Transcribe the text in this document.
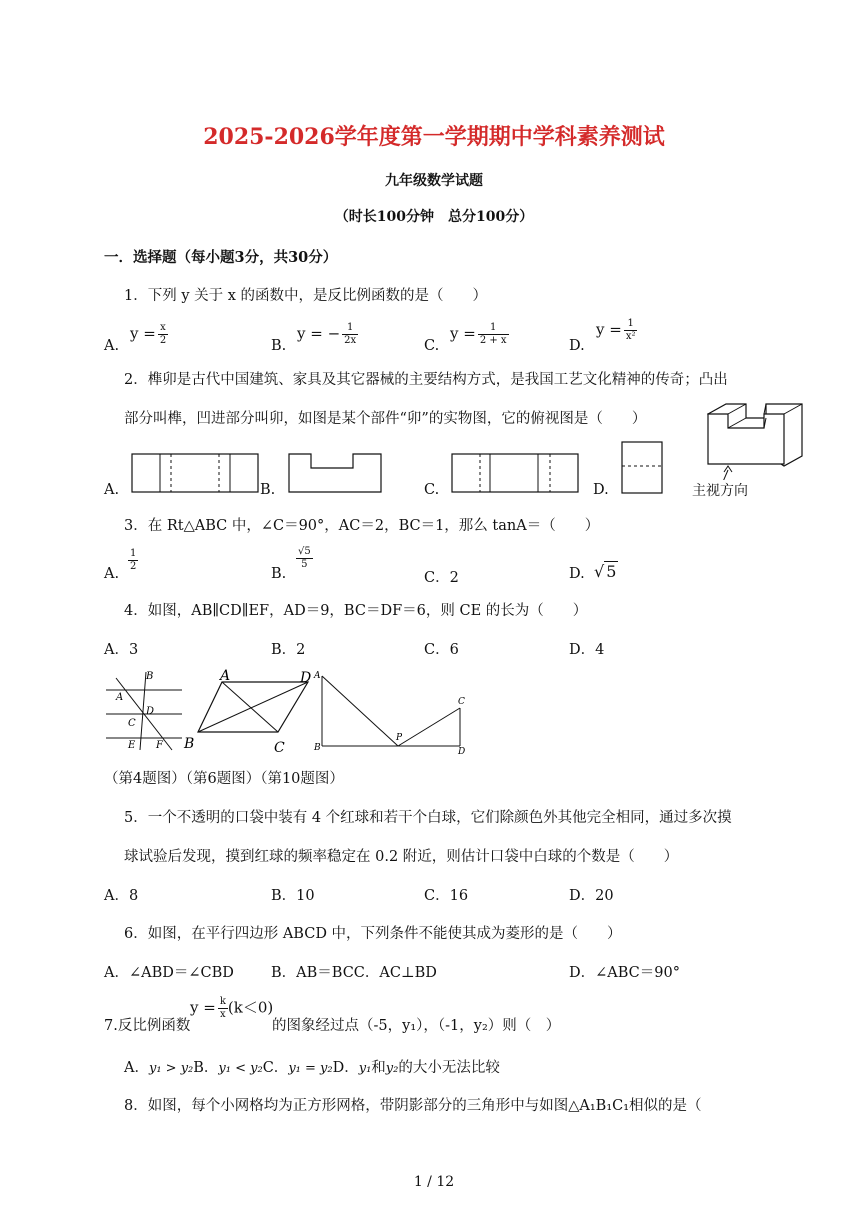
2025-2026学年度第一学期期中学科素养测试
九年级数学试题
（时长100分钟　总分100分）
一．选择题（每小题3分，共30分）
1．下列 y 关于 x 的函数中，是反比例函数的是（　　）
A.
$y = \frac{x}{2}$	B.
y = − $\frac{1}{2x}$	C.
$y = \frac{1}{2 + x}$	D.
$y = \frac{1}{\text{x²}}$
2．榫卯是古代中国建筑、家具及其它器械的主要结构方式，是我国工艺文化精神的传奇；凸出
部分叫榫，凹进部分叫卯，如图是某个部件“卯”的实物图，它的俯视图是（　　）
A.	B.	C.	D.	主视方向
3．在 Rt△ABC 中，∠C＝90°，AC＝2，BC＝1，那么 tanA＝（　　）
A.
$\frac{1}{2}$
B.
$\frac{√5}{5}$
C．2	D. √ 5
4．如图，AB∥CD∥EF，AD＝9，BC＝DF＝6，则 CE 的长为（　　）
A．3	B．2	C．6	D．4
B
A
D
C
E F
A	D
B	C
A
B
P
C
D
（第4题图）（第6题图）（第10题图）
5．一个不透明的口袋中装有 4 个红球和若干个白球，它们除颜色外其他完全相同，通过多次摸
球试验后发现，摸到红球的频率稳定在 0.2 附近，则估计口袋中白球的个数是（　　）
A．8	B．10	C．16	D．20
6．如图，在平行四边形 ABCD 中，下列条件不能使其成为菱形的是（　　）
A．∠ABD＝∠CBD	B．AB＝BCC．AC⊥BD	D．∠ABC＝90°
7.反比例函数
$y = \frac{k}{x} (k<0)$
的图象经过点（-5，y₁），（-1，y₂）则（　）
A．y₁ > y₂B．y₁ < y₂C．y₁ = y₂D．y₁和y₂的大小无法比较
8．如图，每个小网格均为正方形网格，带阴影部分的三角形中与如图△A₁B₁C₁相似的是（
1 / 12
